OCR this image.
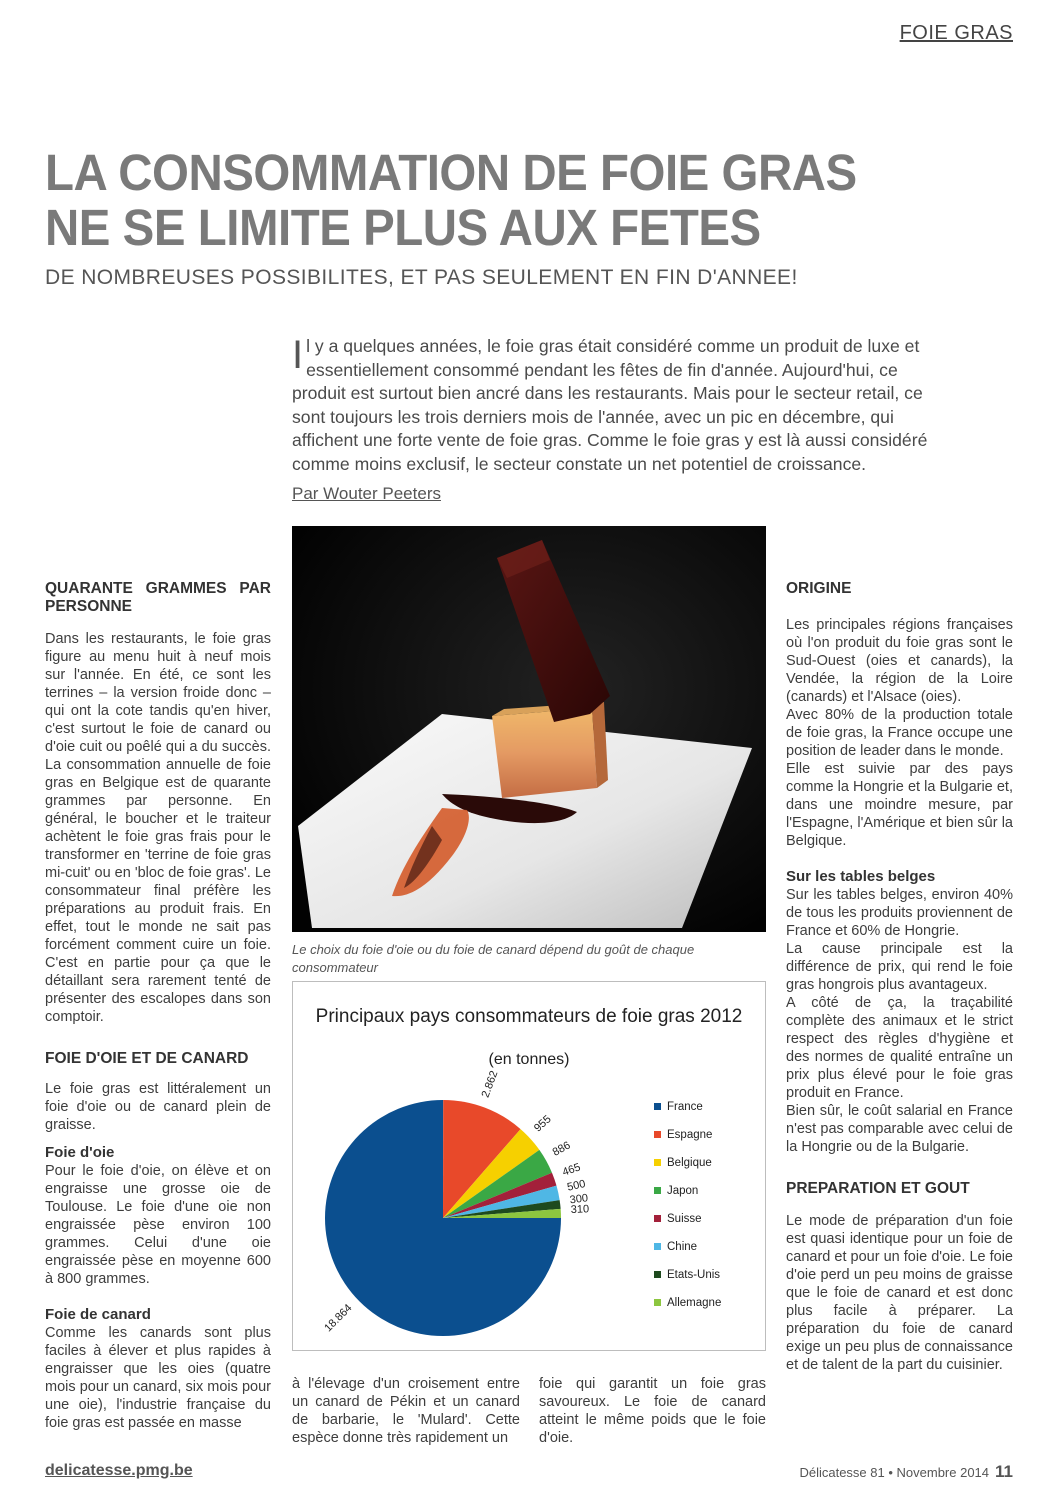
FOIE GRAS
LA CONSOMMATION DE FOIE GRAS
NE SE LIMITE PLUS AUX FETES
DE NOMBREUSES POSSIBILITES, ET PAS SEULEMENT EN FIN D'ANNEE!
Il y a quelques années, le foie gras était considéré comme un produit de luxe et essentiellement consommé pendant les fêtes de fin d'année. Aujourd'hui, ce produit est surtout bien ancré dans les restaurants. Mais pour le secteur retail, ce sont toujours les trois derniers mois de l'année, avec un pic en décembre, qui affichent une forte vente de foie gras. Comme le foie gras y est là aussi considéré comme moins exclusif, le secteur constate un net potentiel de croissance.
Par Wouter Peeters
Le choix du foie d'oie ou du foie de canard dépend du goût de chaque consommateur
Principaux pays consommateurs de foie gras 2012
(en tonnes)
18.864
2.862
955
886
465
500
300
310
France
Espagne
Belgique
Japon
Suisse
Chine
Etats-Unis
Allemagne
QUARANTE GRAMMES PAR PERSONNE

Dans les restaurants, le foie gras figure au menu huit à neuf mois sur l'année. En été, ce sont les terrines – la version froide donc – qui ont la cote tandis qu'en hiver, c'est surtout le foie de canard ou d'oie cuit ou poêlé qui a du succès. La consommation annuelle de foie gras en Belgique est de quarante grammes par personne. En général, le boucher et le traiteur achètent le foie gras frais pour le transformer en 'terrine de foie gras mi-cuit' ou en 'bloc de foie gras'. Le consommateur final préfère les préparations au produit frais. En effet, tout le monde ne sait pas forcément comment cuire un foie. C'est en partie pour ça que le détaillant sera rarement tenté de présenter des escalopes dans son comptoir.

FOIE D'OIE ET DE CANARD

Le foie gras est littéralement un foie d'oie ou de canard plein de graisse.

Foie d'oie

Pour le foie d'oie, on élève et on engraisse une grosse oie de Toulouse. Le foie d'une oie non engraissée pèse environ 100 grammes. Celui d'une oie engraissée pèse en moyenne 600 à 800 grammes.

Foie de canard

Comme les canards sont plus faciles à élever et plus rapides à engraisser que les oies (quatre mois pour un canard, six mois pour une oie), l'industrie française du foie gras est passée en masse

à l'élevage d'un croisement entre un canard de Pékin et un canard de barbarie, le 'Mulard'. Cette espèce donne très rapidement un
foie qui garantit un foie gras savoureux. Le foie de canard atteint le même poids que le foie d'oie.
ORIGINE

Les principales régions françaises où l'on produit du foie gras sont le Sud-Ouest (oies et canards), la Vendée, la région de la Loire (canards) et l'Alsace (oies).

Avec 80% de la production totale de foie gras, la France occupe une position de leader dans le monde.

Elle est suivie par des pays comme la Hongrie et la Bulgarie et, dans une moindre mesure, par l'Espagne, l'Amérique et bien sûr la Belgique.

Sur les tables belges

Sur les tables belges, environ 40% de tous les produits proviennent de France et 60% de Hongrie.

La cause principale est la différence de prix, qui rend le foie gras hongrois plus avantageux.

A côté de ça, la traçabilité complète des animaux et le strict respect des règles d'hygiène et des normes de qualité entraîne un prix plus élevé pour le foie gras produit en France.

Bien sûr, le coût salarial en France n'est pas comparable avec celui de la Hongrie ou de la Bulgarie.

PREPARATION ET GOUT

Le mode de préparation d'un foie est quasi identique pour un foie de canard et pour un foie d'oie. Le foie d'oie perd un peu moins de graisse que le foie de canard et est donc plus facile à préparer. La préparation du foie de canard exige un peu plus de connaissance et de talent de la part du cuisinier.

delicatesse.pmg.be	Délicatesse 81 • Novembre 2014 11
